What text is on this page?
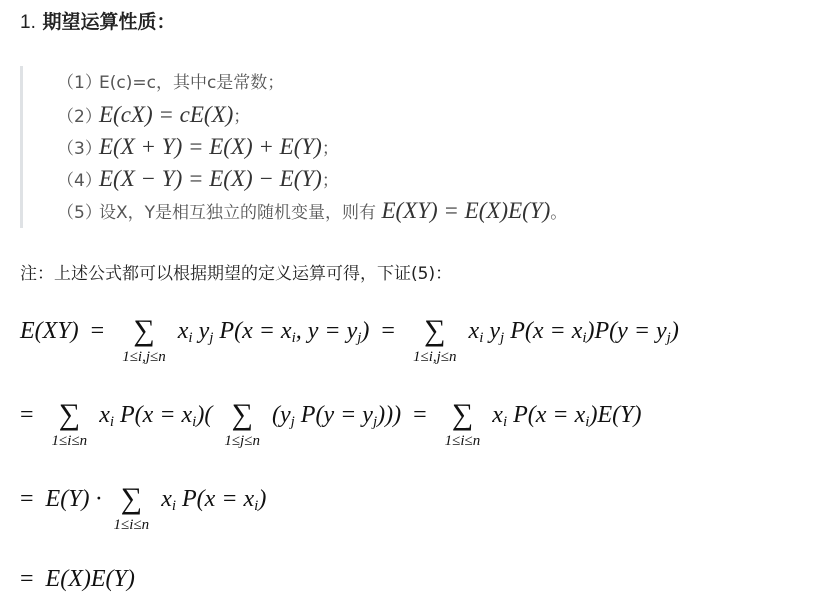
1. 期望运算性质：
（1）E(c)=c，其中c是常数；
（2）E(cX) = cE(X)；
（3）E(X + Y) = E(X) + E(Y)；
（4）E(X − Y) = E(X) − E(Y)；
（5）设X，Y是相互独立的随机变量，则有 E(XY) = E(X)E(Y)。
注：上述公式都可以根据期望的定义运算可得，下证(5)：
E(XY) = ∑
1≤i,j≤n
$x_i$ $y_j$ $P(x = x_i$, $y = y_j$) = ∑
1≤i,j≤n
$x_i$ $y_j$ $P(x = x_i)P(y = y_j)$
= ∑
1≤i≤n
$x_i$ $P(x = x_i)$( ∑
1≤j≤n
($y_j$ $P(y = y_j)$)) = ∑
1≤i≤n
$x_i$ $P(x = x_i)E(Y)$
= E(Y) · ∑
1≤i≤n
$x_i$ $P(x = x_i)$
= E(X)E(Y)
